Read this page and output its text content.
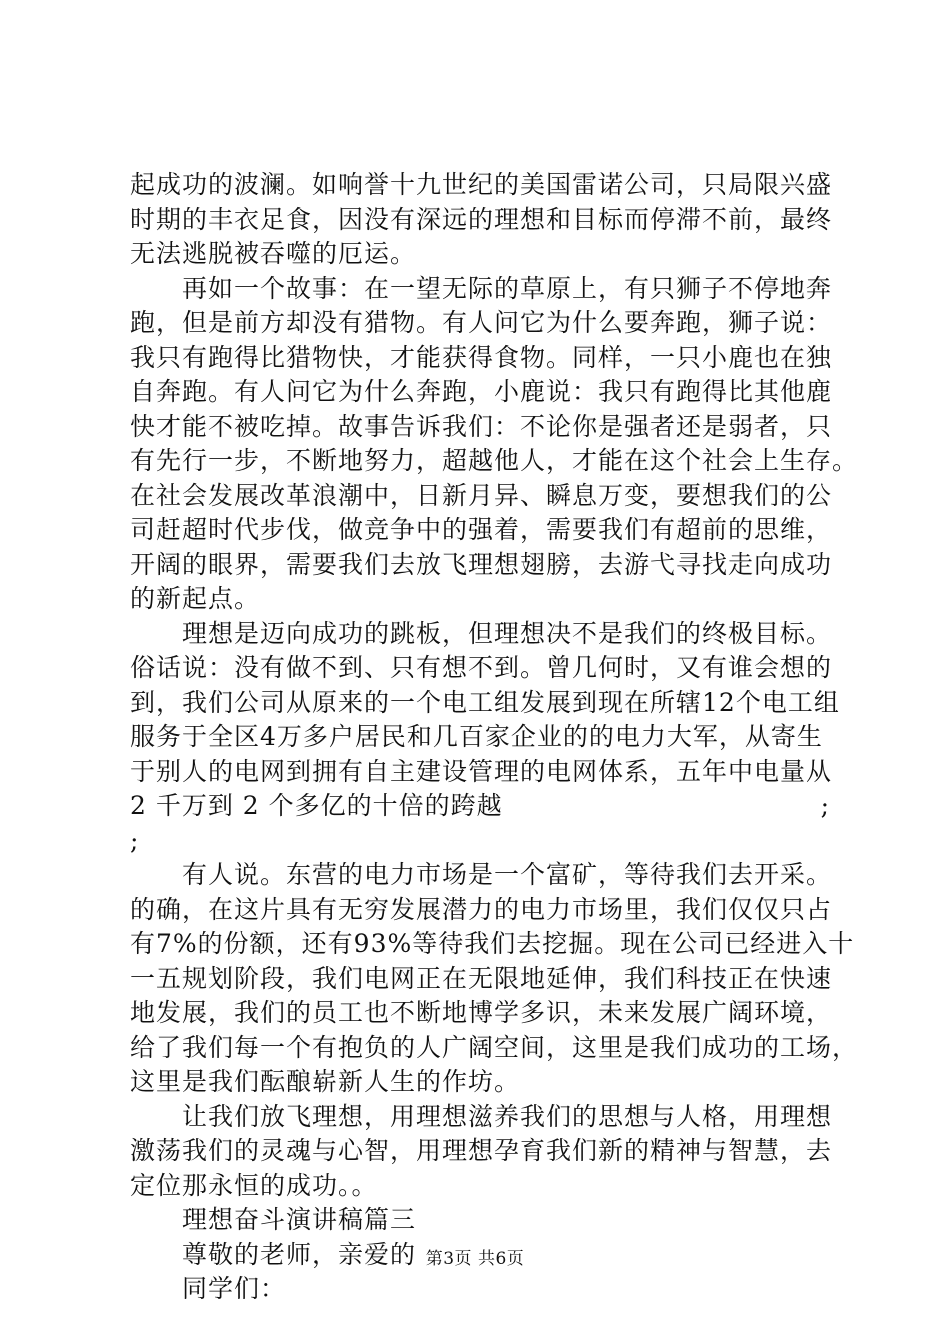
起成功的波澜。如响誉十九世纪的美国雷诺公司，只局限兴盛
时期的丰衣足食，因没有深远的理想和目标而停滞不前，最终
无法逃脱被吞噬的厄运。
再如一个故事：在一望无际的草原上，有只狮子不停地奔
跑，但是前方却没有猎物。有人问它为什么要奔跑，狮子说：
我只有跑得比猎物快，才能获得食物。同样，一只小鹿也在独
自奔跑。有人问它为什么奔跑，小鹿说：我只有跑得比其他鹿
快才能不被吃掉。故事告诉我们：不论你是强者还是弱者，只
有先行一步，不断地努力，超越他人，才能在这个社会上生存。
在社会发展改革浪潮中，日新月异、瞬息万变，要想我们的公
司赶超时代步伐，做竞争中的强着，需要我们有超前的思维，
开阔的眼界，需要我们去放飞理想翅膀，去游弋寻找走向成功
的新起点。
理想是迈向成功的跳板，但理想决不是我们的终极目标。
俗话说：没有做不到、只有想不到。曾几何时，又有谁会想的
到，我们公司从原来的一个电工组发展到现在所辖12个电工组
服务于全区4万多户居民和几百家企业的的电力大军，从寄生
于别人的电网到拥有自主建设管理的电网体系，五年中电量从
2 千万到 2 个多亿的十倍的跨越	;
;
有人说。东营的电力市场是一个富矿，等待我们去开采。
的确，在这片具有无穷发展潜力的电力市场里，我们仅仅只占
有7%的份额，还有93%等待我们去挖掘。现在公司已经进入十
一五规划阶段，我们电网正在无限地延伸，我们科技正在快速
地发展，我们的员工也不断地博学多识，未来发展广阔环境，
给了我们每一个有抱负的人广阔空间，这里是我们成功的工场，
这里是我们酝酿崭新人生的作坊。
让我们放飞理想，用理想滋养我们的思想与人格，用理想
激荡我们的灵魂与心智，用理想孕育我们新的精神与智慧，去
定位那永恒的成功。。
理想奋斗演讲稿篇三
尊敬的老师，亲爱的
同学们：
第3页 共6页
